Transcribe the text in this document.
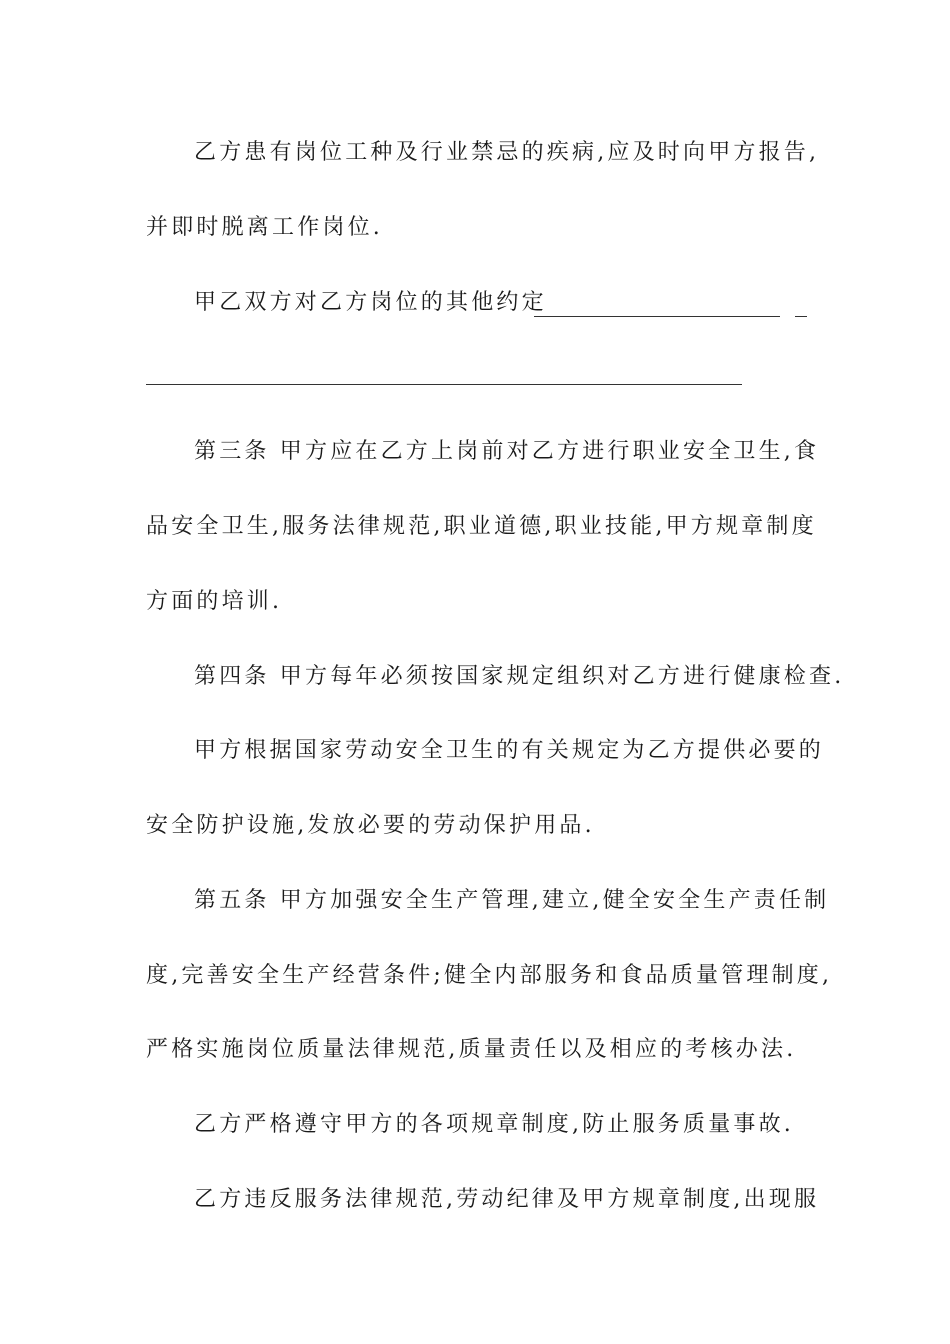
乙方患有岗位工种及行业禁忌的疾病,应及时向甲方报告,
并即时脱离工作岗位.
甲乙双方对乙方岗位的其他约定
第三条 甲方应在乙方上岗前对乙方进行职业安全卫生,食
品安全卫生,服务法律规范,职业道德,职业技能,甲方规章制度
方面的培训.
第四条 甲方每年必须按国家规定组织对乙方进行健康检查.
甲方根据国家劳动安全卫生的有关规定为乙方提供必要的
安全防护设施,发放必要的劳动保护用品.
第五条 甲方加强安全生产管理,建立,健全安全生产责任制
度,完善安全生产经营条件;健全内部服务和食品质量管理制度,
严格实施岗位质量法律规范,质量责任以及相应的考核办法.
乙方严格遵守甲方的各项规章制度,防止服务质量事故.
乙方违反服务法律规范,劳动纪律及甲方规章制度,出现服
